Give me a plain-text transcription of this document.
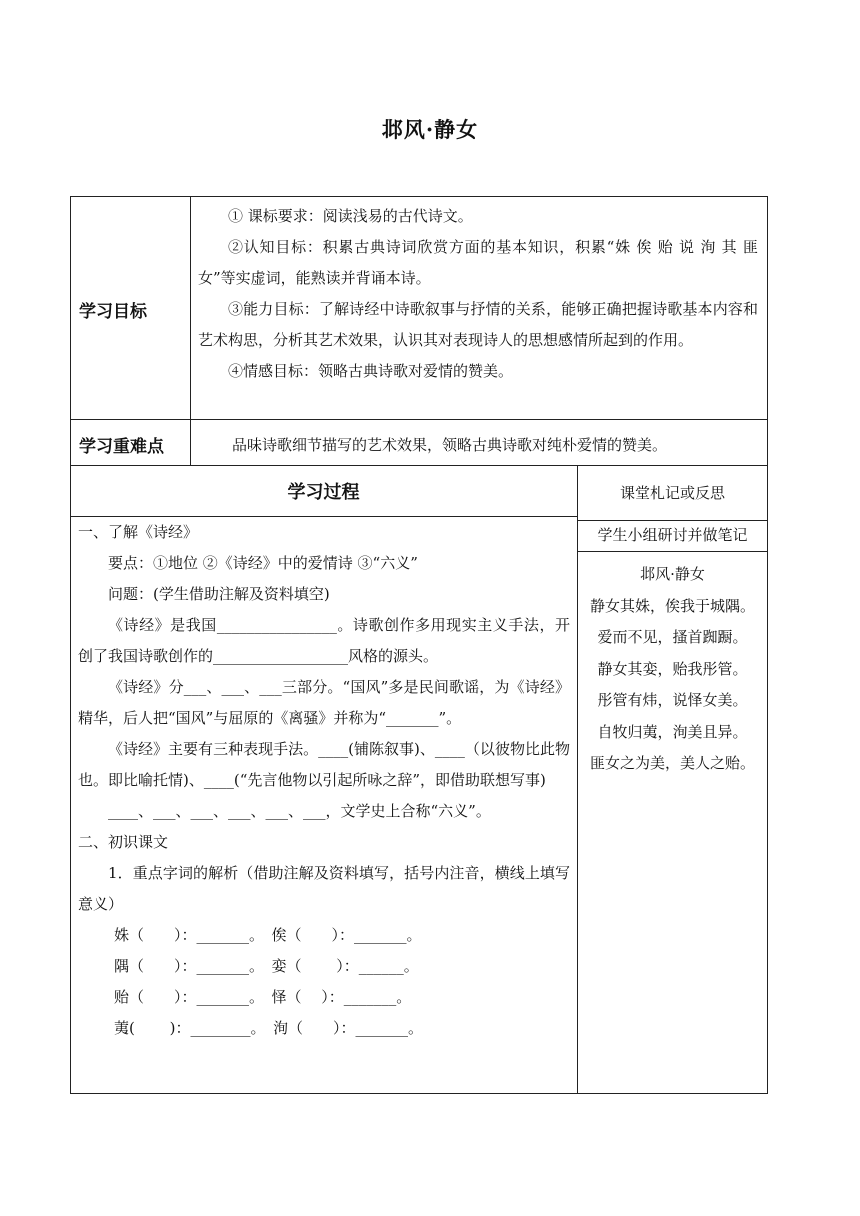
邶风·静女
学习目标

① 课标要求：阅读浅易的古代诗文。

②认知目标：积累古典诗词欣赏方面的基本知识，积累“姝 俟 贻 说 洵 其 匪女”等实虚词，能熟读并背诵本诗。

③能力目标：了解诗经中诗歌叙事与抒情的关系，能够正确把握诗歌基本内容和艺术构思，分析其艺术效果，认识其对表现诗人的思想感情所起到的作用。

④情感目标：领略古典诗歌对爱情的赞美。

学习重难点	品味诗歌细节描写的艺术效果，领略古典诗歌对纯朴爱情的赞美。
学习过程	课堂札记或反思
学生小组研讨并做笔记

一、了解《诗经》

要点：①地位 ②《诗经》中的爱情诗 ③“六义”

问题：(学生借助注解及资料填空)

《诗经》是我国________________。诗歌创作多用现实主义手法，开创了我国诗歌创作的__________________风格的源头。

《诗经》分___、___、___三部分。“国风”多是民间歌谣，为《诗经》精华，后人把“国风”与屈原的《离骚》并称为“_______”。

《诗经》主要有三种表现手法。____(铺陈叙事)、____（以彼物比此物也。即比喻托情)、____(“先言他物以引起所咏之辞”，即借助联想写事)

____、___、___、___、___、___，文学史上合称“六义”。

二、初识课文

1．重点字词的解析（借助注解及资料填写，括号内注音，横线上填写意义）

姝（　　）：_______。　俟（　　）：_______。

隅（　　）：_______。　娈（　　 ）：______。

贻（　　）：_______。　怿（　 ）：_______。

荑(　　 )：________。　洵（　　）：_______。

邶风·静女

静女其姝，俟我于城隅。

爱而不见，搔首踟蹰。

静女其娈，贻我彤管。

彤管有炜，说怿女美。

自牧归荑，洵美且异。

匪女之为美，美人之贻。
